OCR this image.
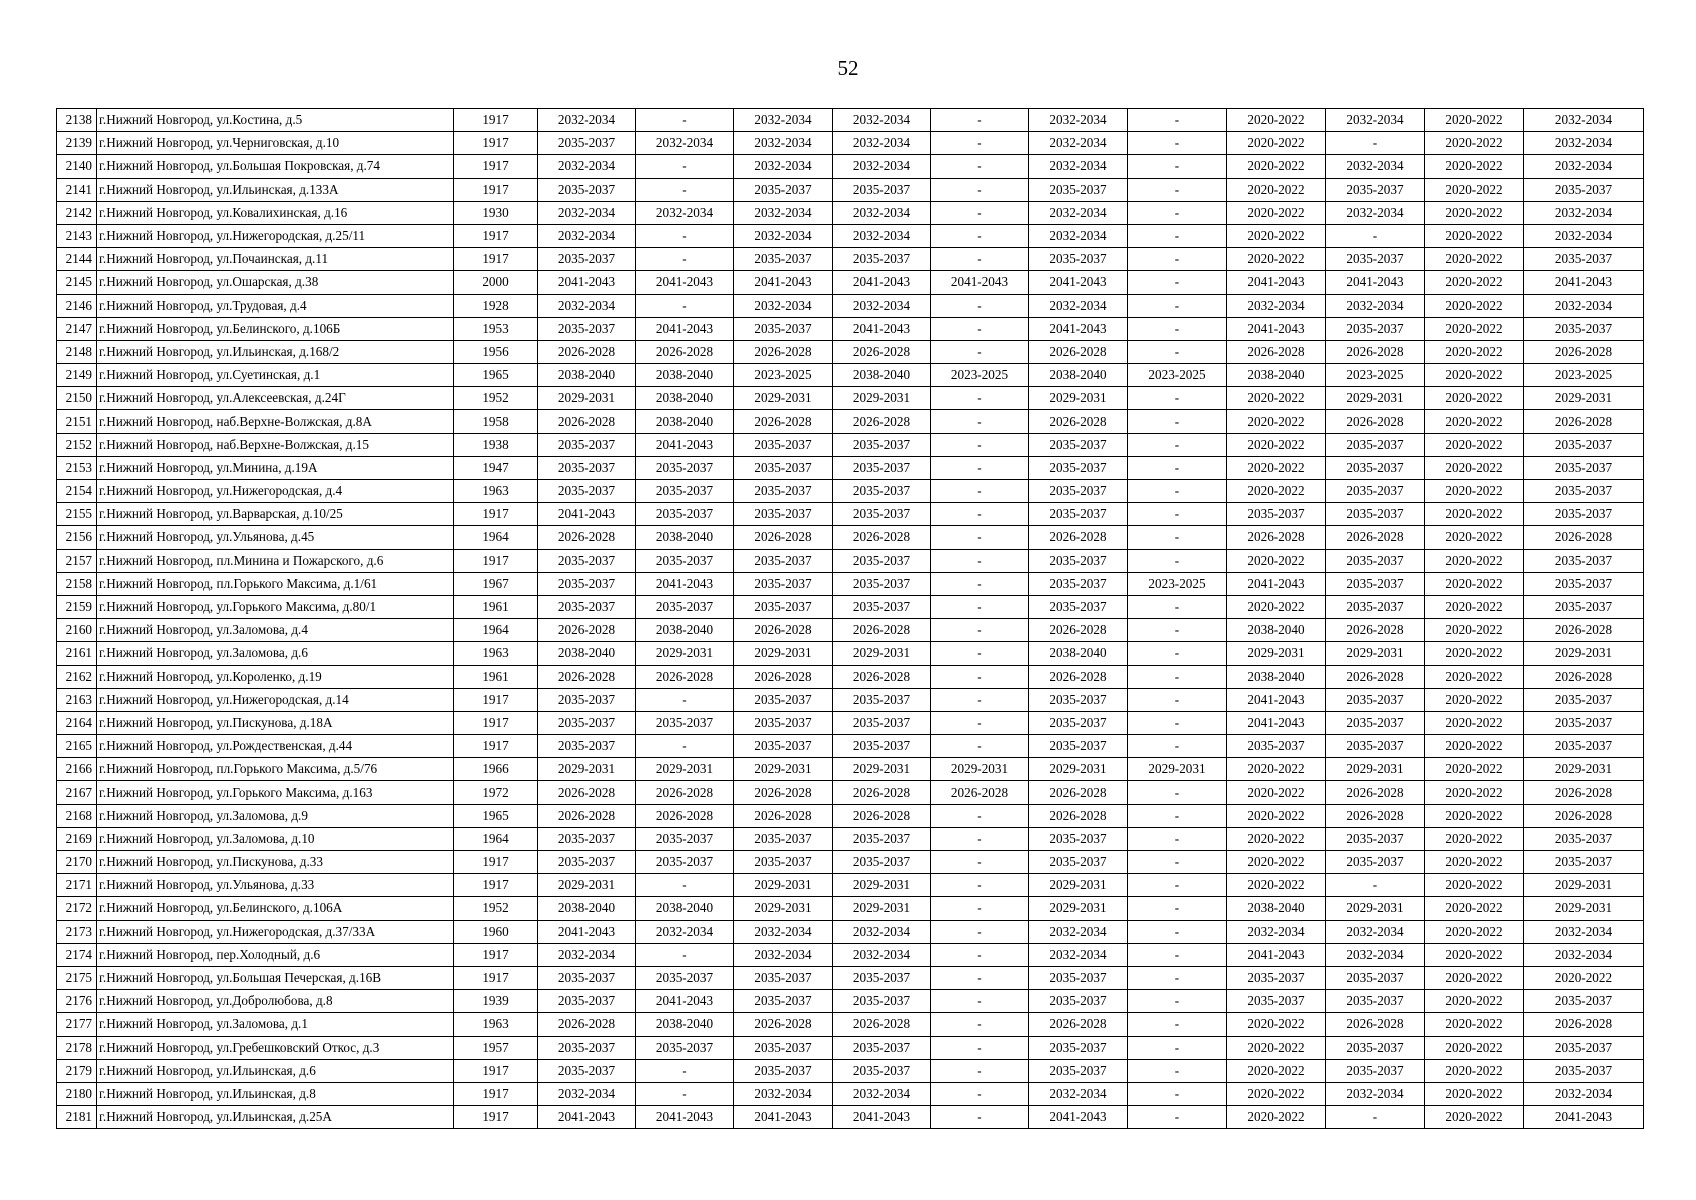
52
2138	г.Нижний Новгород, ул.Костина, д.5	1917	2032-2034	-	2032-2034	2032-2034	-	2032-2034	-	2020-2022	2032-2034	2020-2022	2032-2034
2139	г.Нижний Новгород, ул.Черниговская, д.10	1917	2035-2037	2032-2034	2032-2034	2032-2034	-	2032-2034	-	2020-2022	-	2020-2022	2032-2034
2140	г.Нижний Новгород, ул.Большая Покровская, д.74	1917	2032-2034	-	2032-2034	2032-2034	-	2032-2034	-	2020-2022	2032-2034	2020-2022	2032-2034
2141	г.Нижний Новгород, ул.Ильинская, д.133А	1917	2035-2037	-	2035-2037	2035-2037	-	2035-2037	-	2020-2022	2035-2037	2020-2022	2035-2037
2142	г.Нижний Новгород, ул.Ковалихинская, д.16	1930	2032-2034	2032-2034	2032-2034	2032-2034	-	2032-2034	-	2020-2022	2032-2034	2020-2022	2032-2034
2143	г.Нижний Новгород, ул.Нижегородская, д.25/11	1917	2032-2034	-	2032-2034	2032-2034	-	2032-2034	-	2020-2022	-	2020-2022	2032-2034
2144	г.Нижний Новгород, ул.Почаинская, д.11	1917	2035-2037	-	2035-2037	2035-2037	-	2035-2037	-	2020-2022	2035-2037	2020-2022	2035-2037
2145	г.Нижний Новгород, ул.Ошарская, д.38	2000	2041-2043	2041-2043	2041-2043	2041-2043	2041-2043	2041-2043	-	2041-2043	2041-2043	2020-2022	2041-2043
2146	г.Нижний Новгород, ул.Трудовая, д.4	1928	2032-2034	-	2032-2034	2032-2034	-	2032-2034	-	2032-2034	2032-2034	2020-2022	2032-2034
2147	г.Нижний Новгород, ул.Белинского, д.106Б	1953	2035-2037	2041-2043	2035-2037	2041-2043	-	2041-2043	-	2041-2043	2035-2037	2020-2022	2035-2037
2148	г.Нижний Новгород, ул.Ильинская, д.168/2	1956	2026-2028	2026-2028	2026-2028	2026-2028	-	2026-2028	-	2026-2028	2026-2028	2020-2022	2026-2028
2149	г.Нижний Новгород, ул.Суетинская, д.1	1965	2038-2040	2038-2040	2023-2025	2038-2040	2023-2025	2038-2040	2023-2025	2038-2040	2023-2025	2020-2022	2023-2025
2150	г.Нижний Новгород, ул.Алексеевская, д.24Г	1952	2029-2031	2038-2040	2029-2031	2029-2031	-	2029-2031	-	2020-2022	2029-2031	2020-2022	2029-2031
2151	г.Нижний Новгород, наб.Верхне-Волжская, д.8А	1958	2026-2028	2038-2040	2026-2028	2026-2028	-	2026-2028	-	2020-2022	2026-2028	2020-2022	2026-2028
2152	г.Нижний Новгород, наб.Верхне-Волжская, д.15	1938	2035-2037	2041-2043	2035-2037	2035-2037	-	2035-2037	-	2020-2022	2035-2037	2020-2022	2035-2037
2153	г.Нижний Новгород, ул.Минина, д.19А	1947	2035-2037	2035-2037	2035-2037	2035-2037	-	2035-2037	-	2020-2022	2035-2037	2020-2022	2035-2037
2154	г.Нижний Новгород, ул.Нижегородская, д.4	1963	2035-2037	2035-2037	2035-2037	2035-2037	-	2035-2037	-	2020-2022	2035-2037	2020-2022	2035-2037
2155	г.Нижний Новгород, ул.Варварская, д.10/25	1917	2041-2043	2035-2037	2035-2037	2035-2037	-	2035-2037	-	2035-2037	2035-2037	2020-2022	2035-2037
2156	г.Нижний Новгород, ул.Ульянова, д.45	1964	2026-2028	2038-2040	2026-2028	2026-2028	-	2026-2028	-	2026-2028	2026-2028	2020-2022	2026-2028
2157	г.Нижний Новгород, пл.Минина и Пожарского, д.6	1917	2035-2037	2035-2037	2035-2037	2035-2037	-	2035-2037	-	2020-2022	2035-2037	2020-2022	2035-2037
2158	г.Нижний Новгород, пл.Горького Максима, д.1/61	1967	2035-2037	2041-2043	2035-2037	2035-2037	-	2035-2037	2023-2025	2041-2043	2035-2037	2020-2022	2035-2037
2159	г.Нижний Новгород, ул.Горького Максима, д.80/1	1961	2035-2037	2035-2037	2035-2037	2035-2037	-	2035-2037	-	2020-2022	2035-2037	2020-2022	2035-2037
2160	г.Нижний Новгород, ул.Заломова, д.4	1964	2026-2028	2038-2040	2026-2028	2026-2028	-	2026-2028	-	2038-2040	2026-2028	2020-2022	2026-2028
2161	г.Нижний Новгород, ул.Заломова, д.6	1963	2038-2040	2029-2031	2029-2031	2029-2031	-	2038-2040	-	2029-2031	2029-2031	2020-2022	2029-2031
2162	г.Нижний Новгород, ул.Короленко, д.19	1961	2026-2028	2026-2028	2026-2028	2026-2028	-	2026-2028	-	2038-2040	2026-2028	2020-2022	2026-2028
2163	г.Нижний Новгород, ул.Нижегородская, д.14	1917	2035-2037	-	2035-2037	2035-2037	-	2035-2037	-	2041-2043	2035-2037	2020-2022	2035-2037
2164	г.Нижний Новгород, ул.Пискунова, д.18А	1917	2035-2037	2035-2037	2035-2037	2035-2037	-	2035-2037	-	2041-2043	2035-2037	2020-2022	2035-2037
2165	г.Нижний Новгород, ул.Рождественская, д.44	1917	2035-2037	-	2035-2037	2035-2037	-	2035-2037	-	2035-2037	2035-2037	2020-2022	2035-2037
2166	г.Нижний Новгород, пл.Горького Максима, д.5/76	1966	2029-2031	2029-2031	2029-2031	2029-2031	2029-2031	2029-2031	2029-2031	2020-2022	2029-2031	2020-2022	2029-2031
2167	г.Нижний Новгород, ул.Горького Максима, д.163	1972	2026-2028	2026-2028	2026-2028	2026-2028	2026-2028	2026-2028	-	2020-2022	2026-2028	2020-2022	2026-2028
2168	г.Нижний Новгород, ул.Заломова, д.9	1965	2026-2028	2026-2028	2026-2028	2026-2028	-	2026-2028	-	2020-2022	2026-2028	2020-2022	2026-2028
2169	г.Нижний Новгород, ул.Заломова, д.10	1964	2035-2037	2035-2037	2035-2037	2035-2037	-	2035-2037	-	2020-2022	2035-2037	2020-2022	2035-2037
2170	г.Нижний Новгород, ул.Пискунова, д.33	1917	2035-2037	2035-2037	2035-2037	2035-2037	-	2035-2037	-	2020-2022	2035-2037	2020-2022	2035-2037
2171	г.Нижний Новгород, ул.Ульянова, д.33	1917	2029-2031	-	2029-2031	2029-2031	-	2029-2031	-	2020-2022	-	2020-2022	2029-2031
2172	г.Нижний Новгород, ул.Белинского, д.106А	1952	2038-2040	2038-2040	2029-2031	2029-2031	-	2029-2031	-	2038-2040	2029-2031	2020-2022	2029-2031
2173	г.Нижний Новгород, ул.Нижегородская, д.37/33А	1960	2041-2043	2032-2034	2032-2034	2032-2034	-	2032-2034	-	2032-2034	2032-2034	2020-2022	2032-2034
2174	г.Нижний Новгород, пер.Холодный, д.6	1917	2032-2034	-	2032-2034	2032-2034	-	2032-2034	-	2041-2043	2032-2034	2020-2022	2032-2034
2175	г.Нижний Новгород, ул.Большая Печерская, д.16В	1917	2035-2037	2035-2037	2035-2037	2035-2037	-	2035-2037	-	2035-2037	2035-2037	2020-2022	2020-2022
2176	г.Нижний Новгород, ул.Добролюбова, д.8	1939	2035-2037	2041-2043	2035-2037	2035-2037	-	2035-2037	-	2035-2037	2035-2037	2020-2022	2035-2037
2177	г.Нижний Новгород, ул.Заломова, д.1	1963	2026-2028	2038-2040	2026-2028	2026-2028	-	2026-2028	-	2020-2022	2026-2028	2020-2022	2026-2028
2178	г.Нижний Новгород, ул.Гребешковский Откос, д.3	1957	2035-2037	2035-2037	2035-2037	2035-2037	-	2035-2037	-	2020-2022	2035-2037	2020-2022	2035-2037
2179	г.Нижний Новгород, ул.Ильинская, д.6	1917	2035-2037	-	2035-2037	2035-2037	-	2035-2037	-	2020-2022	2035-2037	2020-2022	2035-2037
2180	г.Нижний Новгород, ул.Ильинская, д.8	1917	2032-2034	-	2032-2034	2032-2034	-	2032-2034	-	2020-2022	2032-2034	2020-2022	2032-2034
2181	г.Нижний Новгород, ул.Ильинская, д.25А	1917	2041-2043	2041-2043	2041-2043	2041-2043	-	2041-2043	-	2020-2022	-	2020-2022	2041-2043
